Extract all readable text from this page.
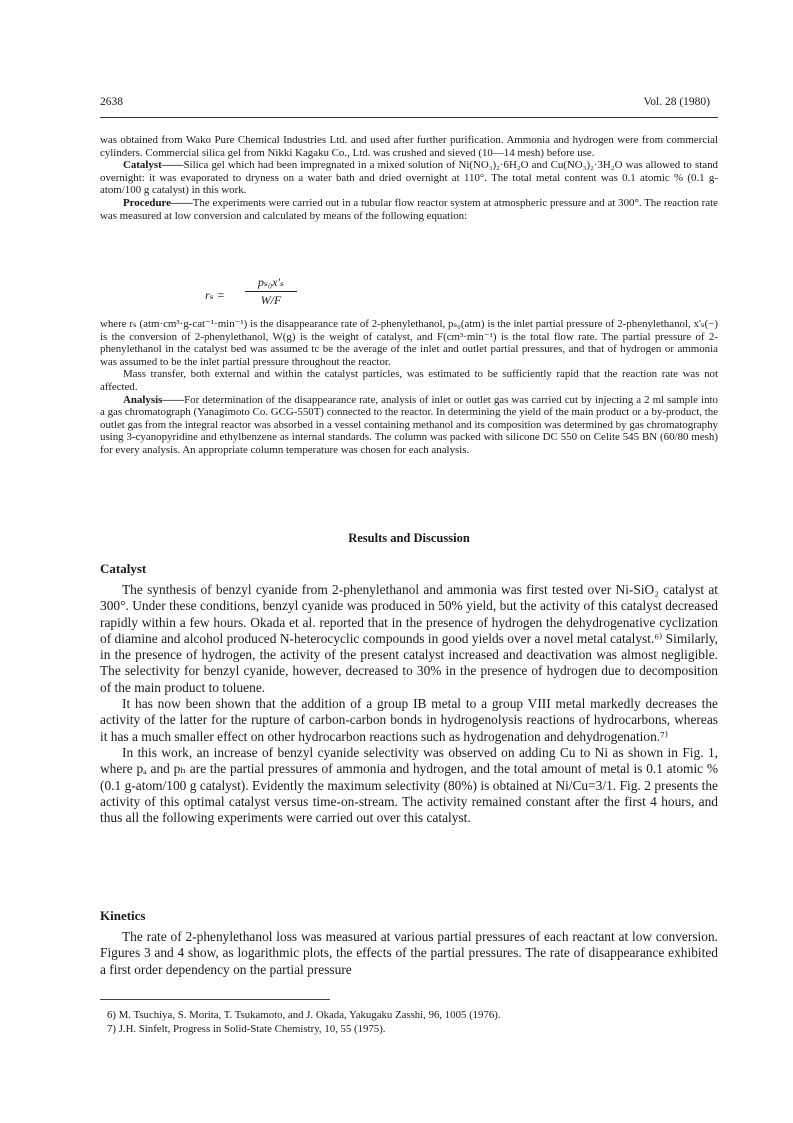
2638	Vol. 28 (1980)

was obtained from Wako Pure Chemical Industries Ltd. and used after further purification. Ammonia and hydrogen were from commercial cylinders. Commercial silica gel from Nikki Kagaku Co., Ltd. was crushed and sieved (10—14 mesh) before use.

Catalyst——Silica gel which had been impregnated in a mixed solution of Ni(NO₃)₂·6H₂O and Cu(NO₃)₂·3H₂O was allowed to stand overnight: it was evaporated to dryness on a water bath and dried overnight at 110°. The total metal content was 0.1 atomic % (0.1 g-atom/100 g catalyst) in this work.

Procedure——The experiments were carried out in a tubular flow reactor system at atmospheric pressure and at 300°. The reaction rate was measured at low conversion and calculated by means of the following equation:

$r_s = \frac{\text{pₛ₀x'ₛ}}{W/F}$

where rₛ (atm·cm³·g-cat⁻¹·min⁻¹) is the disappearance rate of 2-phenylethanol, pₛ₀(atm) is the inlet partial pressure of 2-phenylethanol, x'ₛ(−) is the conversion of 2-phenylethanol, W(g) is the weight of catalyst, and F(cm³·min⁻¹) is the total flow rate. The partial pressure of 2-phenylethanol in the catalyst bed was assumed tc be the average of the inlet and outlet partial pressures, and that of hydrogen or ammonia was assumed to be the inlet partial pressure throughout the reactor.

Mass transfer, both external and within the catalyst particles, was estimated to be sufficiently rapid that the reaction rate was not affected.

Analysis——For determination of the disappearance rate, analysis of inlet or outlet gas was carried cut by injecting a 2 ml sample into a gas chromatograph (Yanagimoto Co. GCG-550T) connected to the reactor. In determining the yield of the main product or a by-product, the outlet gas from the integral reactor was absorbed in a vessel containing methanol and its composition was determined by gas chromatography using 3-cyanopyridine and ethylbenzene as internal standards. The column was packed with silicone DC 550 on Celite 545 BN (60/80 mesh) for every analysis. An appropriate column temperature was chosen for each analysis.

Results and Discussion
Catalyst

The synthesis of benzyl cyanide from 2-phenylethanol and ammonia was first tested over Ni-SiO₂ catalyst at 300°. Under these conditions, benzyl cyanide was produced in 50% yield, but the activity of this catalyst decreased rapidly within a few hours. Okada et al. reported that in the presence of hydrogen the dehydrogenative cyclization of diamine and alcohol produced N-heterocyclic compounds in good yields over a novel metal catalyst.⁶⁾ Similarly, in the presence of hydrogen, the activity of the present catalyst increased and deactivation was almost negligible. The selectivity for benzyl cyanide, however, decreased to 30% in the presence of hydrogen due to decomposition of the main product to toluene.

It has now been shown that the addition of a group IB metal to a group VIII metal markedly decreases the activity of the latter for the rupture of carbon-carbon bonds in hydrogenolysis reactions of hydrocarbons, whereas it has a much smaller effect on other hydrocarbon reactions such as hydrogenation and dehydrogenation.⁷⁾

In this work, an increase of benzyl cyanide selectivity was observed on adding Cu to Ni as shown in Fig. 1, where pₐ and pₕ are the partial pressures of ammonia and hydrogen, and the total amount of metal is 0.1 atomic % (0.1 g-atom/100 g catalyst). Evidently the maximum selectivity (80%) is obtained at Ni/Cu=3/1. Fig. 2 presents the activity of this optimal catalyst versus time-on-stream. The activity remained constant after the first 4 hours, and thus all the following experiments were carried out over this catalyst.

Kinetics

The rate of 2-phenylethanol loss was measured at various partial pressures of each reactant at low conversion. Figures 3 and 4 show, as logarithmic plots, the effects of the partial pressures. The rate of disappearance exhibited a first order dependency on the partial pressure

6) M. Tsuchiya, S. Morita, T. Tsukamoto, and J. Okada, Yakugaku Zasshi, 96, 1005 (1976).
7) J.H. Sinfelt, Progress in Solid-State Chemistry, 10, 55 (1975).
